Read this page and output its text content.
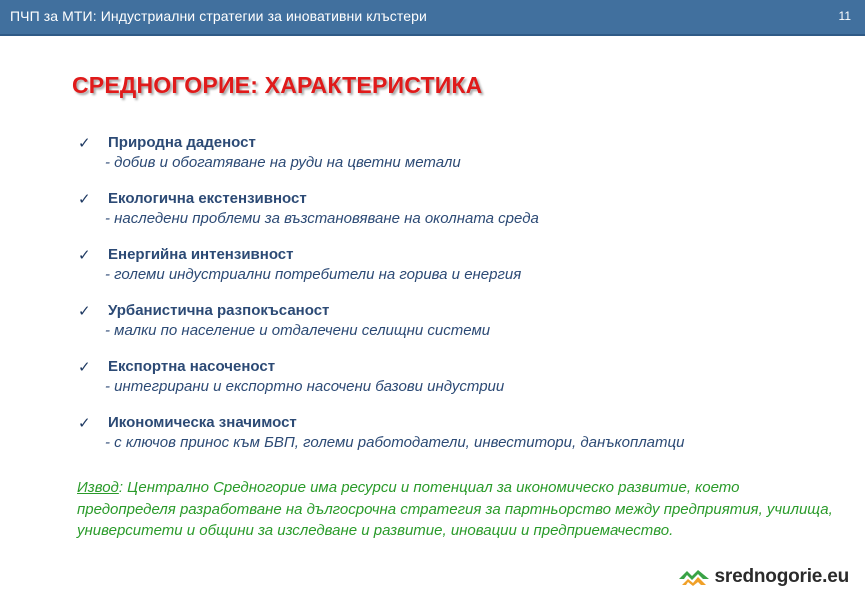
ПЧП за МТИ: Индустриални стратегии за иновативни клъстери	11
СРЕДНОГОРИЕ: ХАРАКТЕРИСТИКА
✓ Природна даденост
- добив и обогатяване на руди на цветни метали
✓ Екологична екстензивност
- наследени проблеми за възстановяване на околната среда
✓ Енергийна интензивност
- големи индустриални потребители на горива и енергия
✓ Урбанистична разпокъсаност
- малки по население и отдалечени селищни системи
✓ Експортна насоченост
- интегрирани и експортно насочени базови индустрии
✓ Икономическа значимост
- с ключов принос към БВП, големи работодатели, инвеститори, данъкоплатци
Извод: Централно Средногорие има ресурси и потенциал за икономическо развитие, което предопределя разработване на дългосрочна стратегия за партньорство между предприятия, училища, университети и общини за изследване и развитие, иновации и предприемачество.
srednogorie.eu
